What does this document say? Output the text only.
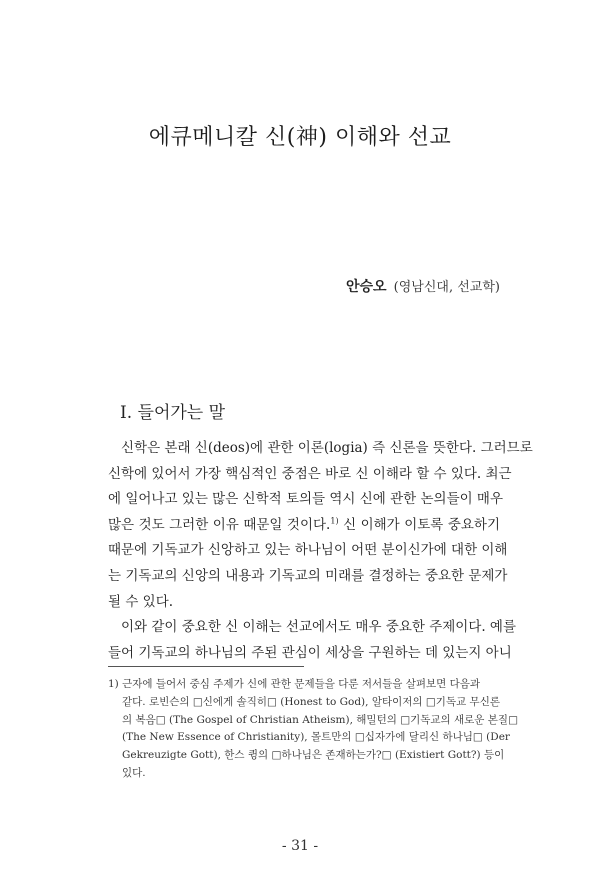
에큐메니칼 신(神) 이해와 선교
안승오 (영남신대, 선교학)
I. 들어가는 말
신학은 본래 신(deos)에 관한 이론(logia) 즉 신론을 뜻한다. 그러므로
신학에 있어서 가장 핵심적인 중점은 바로 신 이해라 할 수 있다. 최근
에 일어나고 있는 많은 신학적 토의들 역시 신에 관한 논의들이 매우
많은 것도 그러한 이유 때문일 것이다.$^{1)}$ 신 이해가 이토록 중요하기
때문에 기독교가 신앙하고 있는 하나님이 어떤 분이신가에 대한 이해
는 기독교의 신앙의 내용과 기독교의 미래를 결정하는 중요한 문제가
될 수 있다.
이와 같이 중요한 신 이해는 선교에서도 매우 중요한 주제이다. 예를
들어 기독교의 하나님의 주된 관심이 세상을 구원하는 데 있는지 아니
1) 근자에 들어서 중심 주제가 신에 관한 문제들을 다룬 저서들을 살펴보면 다음과
같다. 로빈슨의 □신에게 솔직히□ (Honest to God), 알타이저의 □기독교 무신론
의 복음□ (The Gospel of Christian Atheism), 해밀턴의 □기독교의 새로운 본질□
(The New Essence of Christianity), 몰트만의 □십자가에 달리신 하나님□ (Der
Gekreuzigte Gott), 한스 큉의 □하나님은 존재하는가?□ (Existiert Gott?) 등이
있다.
- 31 -
